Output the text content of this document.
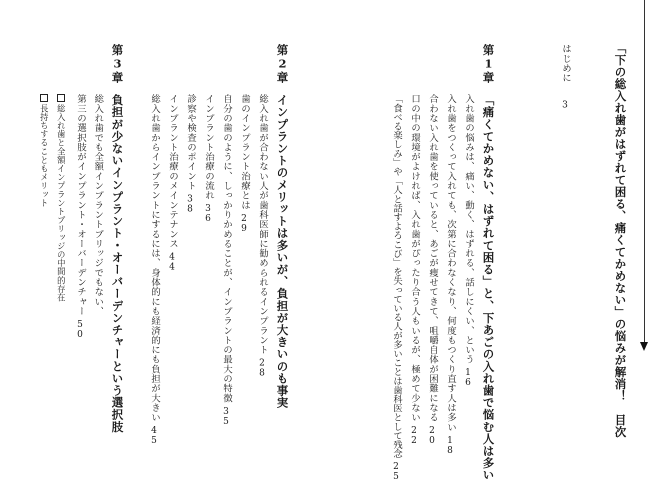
「下の総入れ歯がはずれて困る、痛くてかめない」の悩みが解消！　目次
はじめに3
第1章
「痛くてかめない、はずれて困る」と、下あごの入れ歯で悩む人は多い
入れ歯の悩みは、痛い、動く、はずれる、話しにくい、という16
入れ歯をつくって入れても、次第に合わなくなり、何度もつくり直す人は多い18
合わない入れ歯を使っていると、あごが痩せてきて、咀嚼自体が困難になる20
口の中の環境がよければ、入れ歯がぴったり合う人もいるが、極めて少ない22
「食べる楽しみ」や「人と話すよろこび」を失っている人が多いことは歯科医として残念25
第2章
インプラントのメリットは多いが、負担が大きいのも事実
総入れ歯が合わない人が歯科医師に勧められるインプラント28
歯のインプラント治療とは29
自分の歯のように、しっかりかめることが、インプラントの最大の特徴35
インプラント治療の流れ36
診察や検査のポイント38
インプラント治療のメインテナンス44
総入れ歯からインプラントにするには、身体的にも経済的にも負担が大きい45
第3章
負担が少ないインプラント・オーバーデンチャーという選択肢
総入れ歯でも全額インプラントブリッジでもない、
第三の選択肢がインプラント・オーバーデンチャー50
総入れ歯と全額インプラントブリッジの中間的存在
長持ちすることもメリット
